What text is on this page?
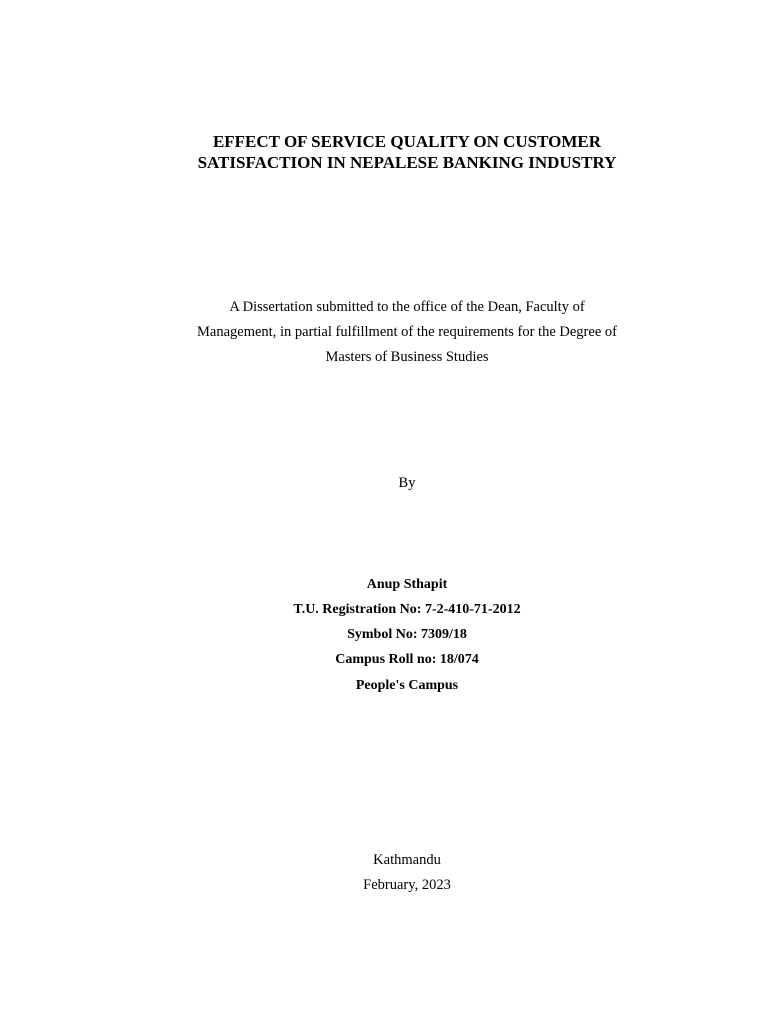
EFFECT OF SERVICE QUALITY ON CUSTOMER
SATISFACTION IN NEPALESE BANKING INDUSTRY
A Dissertation submitted to the office of the Dean, Faculty of
Management, in partial fulfillment of the requirements for the Degree of
Masters of Business Studies
By
Anup Sthapit
T.U. Registration No: 7-2-410-71-2012
Symbol No: 7309/18
Campus Roll no: 18/074
People's Campus
Kathmandu
February, 2023
